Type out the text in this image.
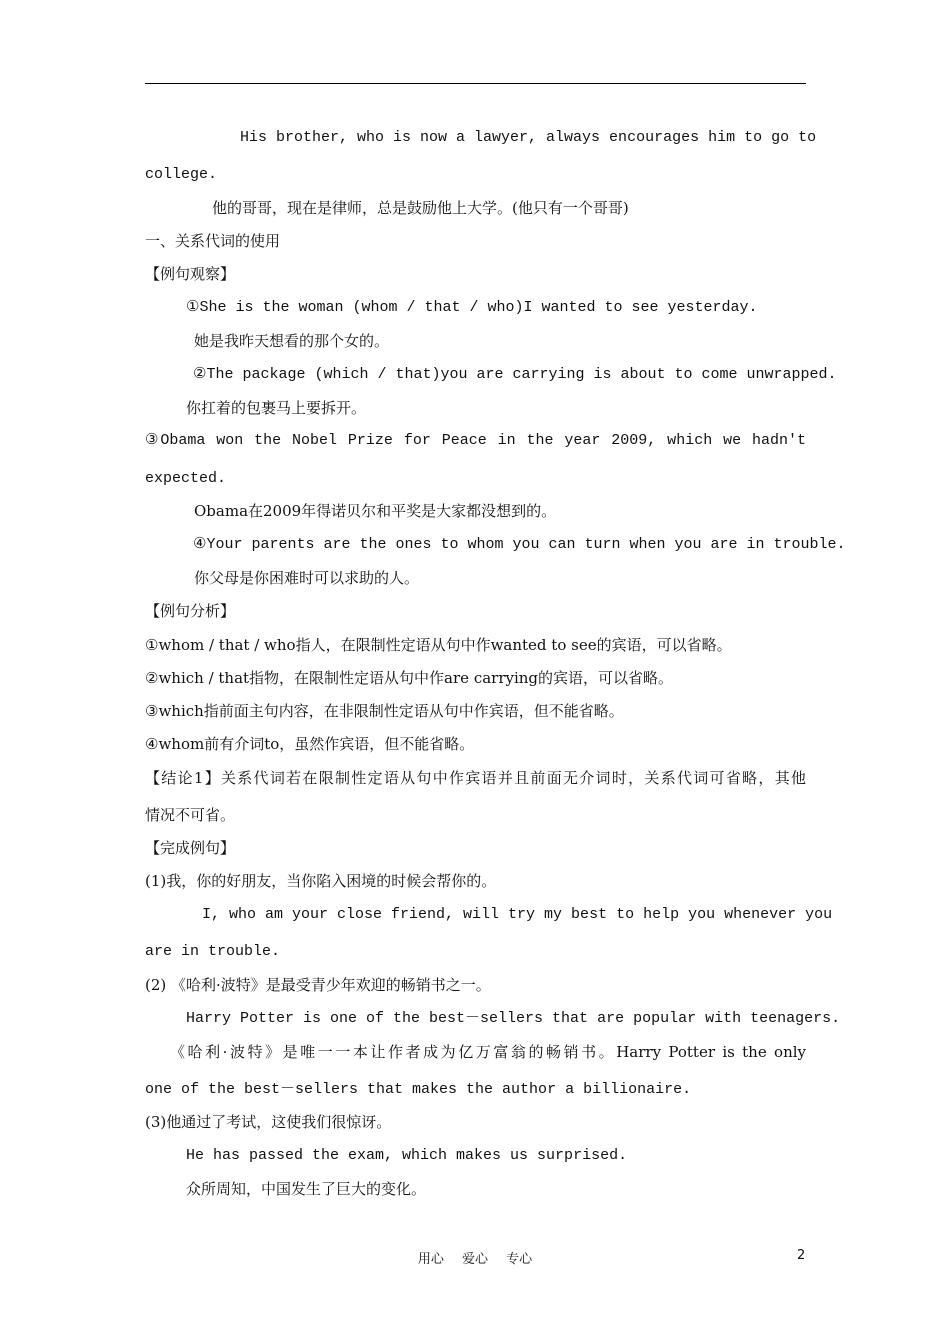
His brother, who is now a lawyer, always encourages him to go to
college.
他的哥哥，现在是律师，总是鼓励他上大学。(他只有一个哥哥)
一、关系代词的使用
【例句观察】
①She is the woman (whom / that / who)I wanted to see yesterday.
她是我昨天想看的那个女的。
②The package (which / that)you are carrying is about to come unwrapped.
你扛着的包裹马上要拆开。
③Obama won the Nobel Prize for Peace in the year 2009, which we hadn't
expected.
Obama在2009年得诺贝尔和平奖是大家都没想到的。
④Your parents are the ones to whom you can turn when you are in trouble.
你父母是你困难时可以求助的人。
【例句分析】
①whom / that / who指人，在限制性定语从句中作wanted to see的宾语，可以省略。
②which / that指物，在限制性定语从句中作are carrying的宾语，可以省略。
③which指前面主句内容，在非限制性定语从句中作宾语，但不能省略。
④whom前有介词to，虽然作宾语，但不能省略。
【结论1】关系代词若在限制性定语从句中作宾语并且前面无介词时，关系代词可省略，其他
情况不可省。
【完成例句】
(1)我，你的好朋友，当你陷入困境的时候会帮你的。
I, who am your close friend, will try my best to help you whenever you
are in trouble.
(2) 《哈利·波特》是最受青少年欢迎的畅销书之一。
Harry Potter is one of the best－sellers that are popular with teenagers.
《哈利·波特》是唯一一本让作者成为亿万富翁的畅销书。Harry Potter is the only
one of the best－sellers that makes the author a billionaire.
(3)他通过了考试，这使我们很惊讶。
He has passed the exam, which makes us surprised.
众所周知，中国发生了巨大的变化。
用心 爱心 专心	2
